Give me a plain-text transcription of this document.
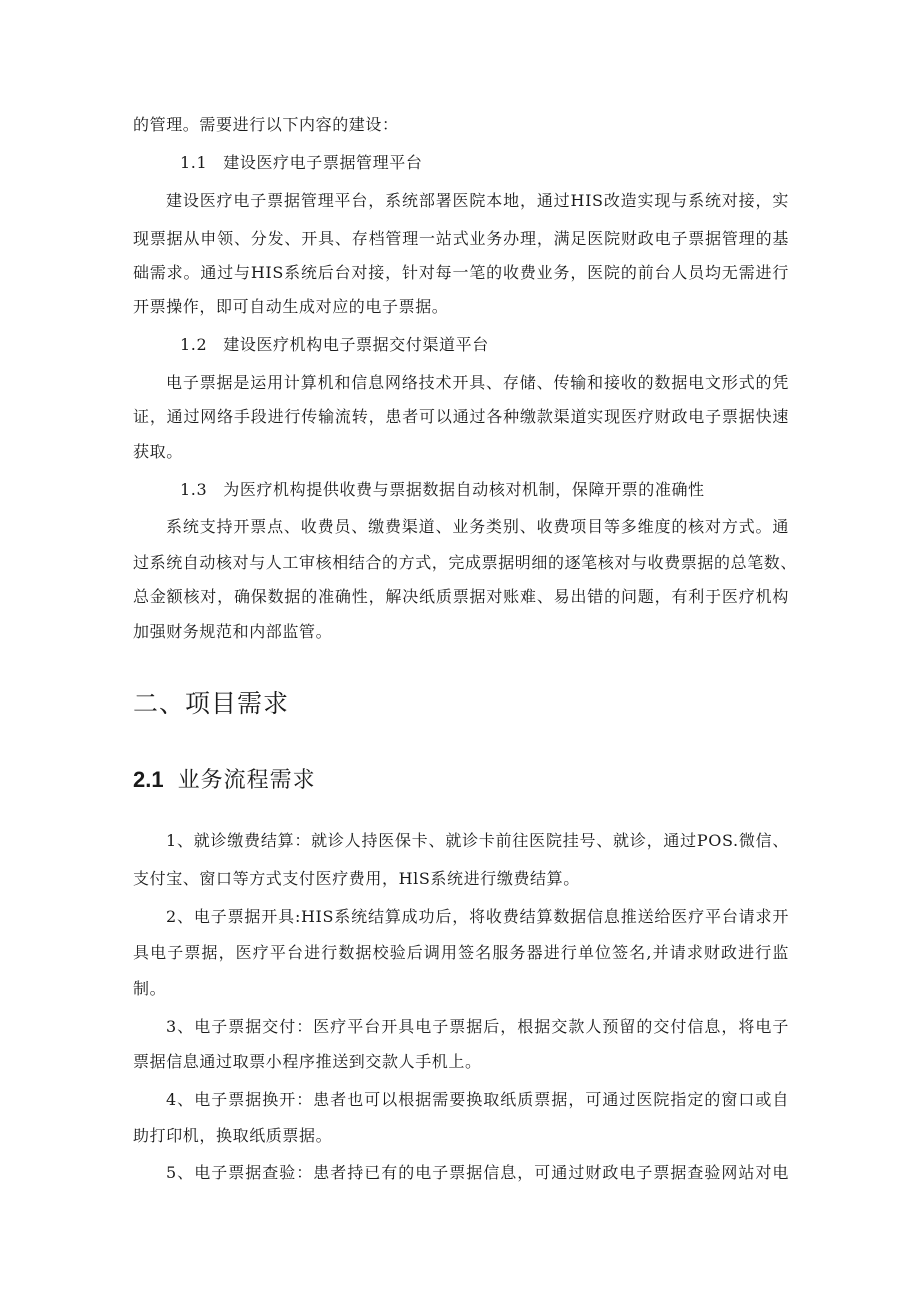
的管理。需要进行以下内容的建设：
1.1 建设医疗电子票据管理平台
建设医疗电子票据管理平台，系统部署医院本地，通过HIS改造实现与系统对接，实
现票据从申领、分发、开具、存档管理一站式业务办理，满足医院财政电子票据管理的基
础需求。通过与HIS系统后台对接，针对每一笔的收费业务，医院的前台人员均无需进行
开票操作，即可自动生成对应的电子票据。
1.2 建设医疗机构电子票据交付渠道平台
电子票据是运用计算机和信息网络技术开具、存储、传输和接收的数据电文形式的凭
证，通过网络手段进行传输流转，患者可以通过各种缴款渠道实现医疗财政电子票据快速
获取。
1.3 为医疗机构提供收费与票据数据自动核对机制，保障开票的准确性
系统支持开票点、收费员、缴费渠道、业务类别、收费项目等多维度的核对方式。通
过系统自动核对与人工审核相结合的方式，完成票据明细的逐笔核对与收费票据的总笔数、
总金额核对，确保数据的准确性，解决纸质票据对账难、易出错的问题，有利于医疗机构
加强财务规范和内部监管。
二、项目需求
2.1 业务流程需求
1、就诊缴费结算：就诊人持医保卡、就诊卡前往医院挂号、就诊，通过POS.微信、
支付宝、窗口等方式支付医疗费用，HlS系统进行缴费结算。
2、电子票据开具:HIS系统结算成功后，将收费结算数据信息推送给医疗平台请求开
具电子票据，医疗平台进行数据校验后调用签名服务器进行单位签名,并请求财政进行监
制。
3、电子票据交付：医疗平台开具电子票据后，根据交款人预留的交付信息，将电子
票据信息通过取票小程序推送到交款人手机上。
4、电子票据换开：患者也可以根据需要换取纸质票据，可通过医院指定的窗口或自
助打印机，换取纸质票据。
5、电子票据查验：患者持已有的电子票据信息，可通过财政电子票据查验网站对电
